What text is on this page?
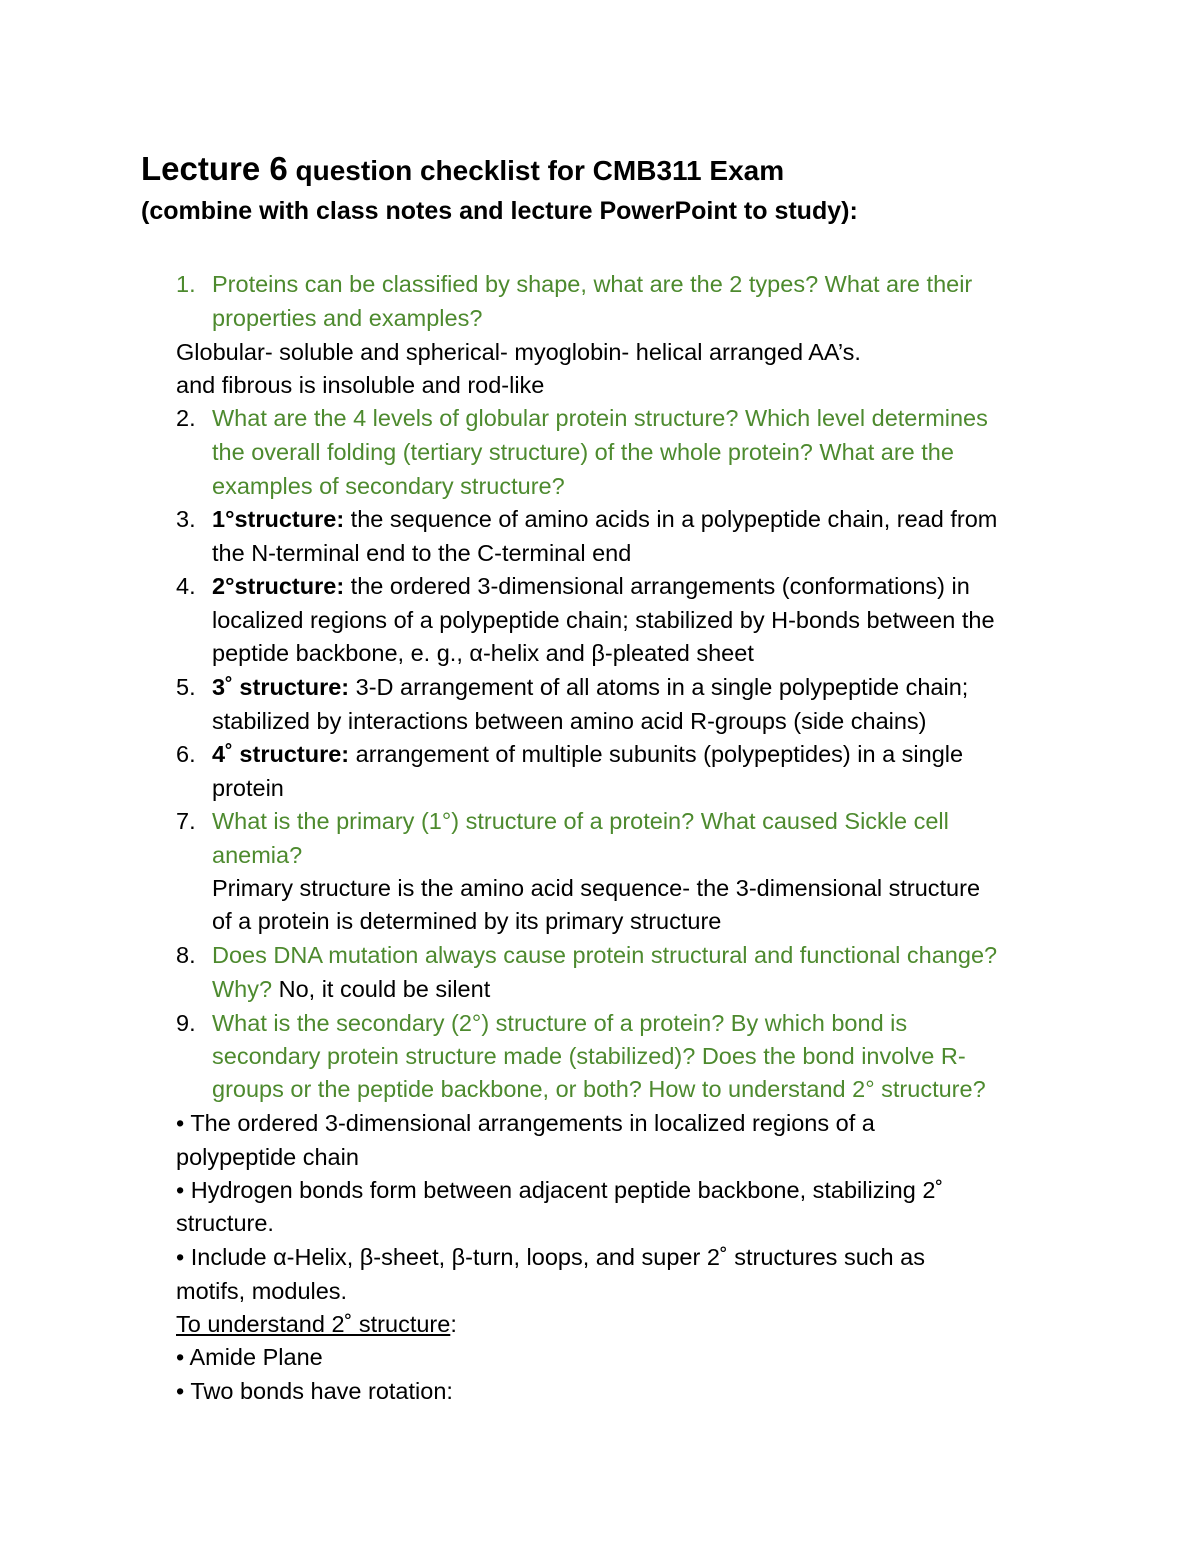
Lecture 6 question checklist for CMB311 Exam
(combine with class notes and lecture PowerPoint to study):
1. Proteins can be classified by shape, what are the 2 types? What are their
properties and examples?
Globular- soluble and spherical- myoglobin- helical arranged AA’s.
and fibrous is insoluble and rod-like
2. What are the 4 levels of globular protein structure? Which level determines
the overall folding (tertiary structure) of the whole protein? What are the
examples of secondary structure?
3. 1°structure: the sequence of amino acids in a polypeptide chain, read from
the N-terminal end to the C-terminal end
4. 2°structure: the ordered 3-dimensional arrangements (conformations) in
localized regions of a polypeptide chain; stabilized by H-bonds between the
peptide backbone, e. g., α-helix and β-pleated sheet
5. 3˚ structure: 3-D arrangement of all atoms in a single polypeptide chain;
stabilized by interactions between amino acid R-groups (side chains)
6. 4˚ structure: arrangement of multiple subunits (polypeptides) in a single
protein
7. What is the primary (1°) structure of a protein? What caused Sickle cell
anemia?
Primary structure is the amino acid sequence- the 3-dimensional structure
of a protein is determined by its primary structure
8. Does DNA mutation always cause protein structural and functional change?
Why? No, it could be silent
9. What is the secondary (2°) structure of a protein? By which bond is
secondary protein structure made (stabilized)? Does the bond involve R-
groups or the peptide backbone, or both? How to understand 2° structure?
• The ordered 3-dimensional arrangements in localized regions of a
polypeptide chain
• Hydrogen bonds form between adjacent peptide backbone, stabilizing 2˚
structure.
• Include α-Helix, β-sheet, β-turn, loops, and super 2˚ structures such as
motifs, modules.
To understand 2˚ structure:
• Amide Plane
• Two bonds have rotation:
